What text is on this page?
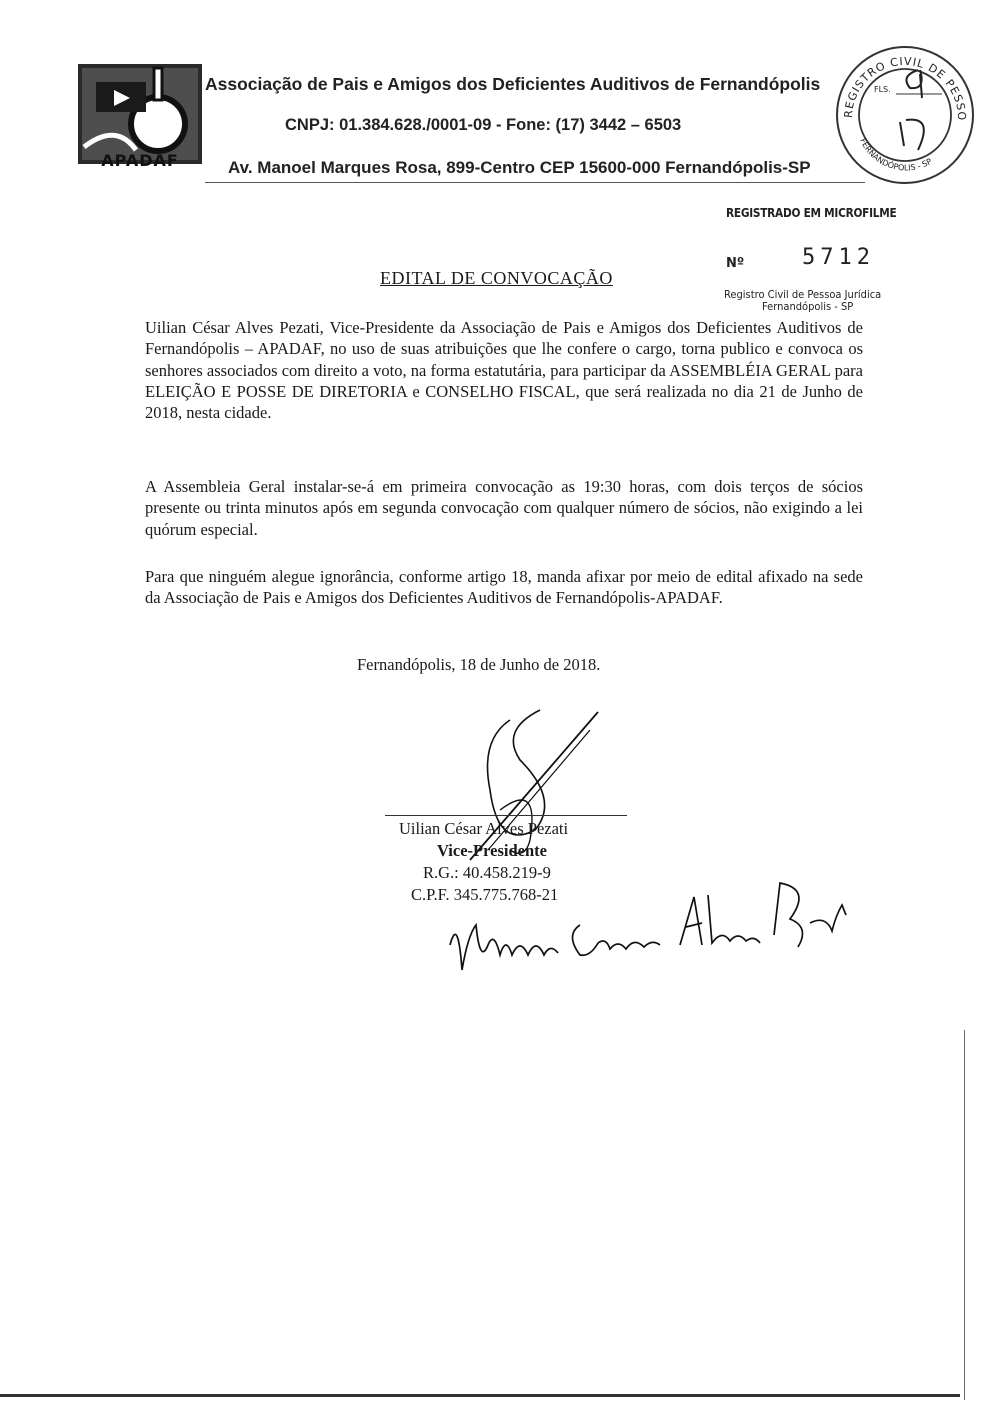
APADAF
Associação de Pais e Amigos dos Deficientes Auditivos de Fernandópolis
CNPJ: 01.384.628./0001-09 - Fone: (17) 3442 – 6503
Av. Manoel Marques Rosa, 899-Centro CEP 15600-000 Fernandópolis-SP
REGISTRO CIVIL DE PESSO
FERNANDÓPOLIS - SP
FLS.
REGISTRADO EM MICROFILME
Nº	5712
Registro Civil de Pessoa Jurídica
Fernandópolis - SP
EDITAL DE CONVOCAÇÃO
Uilian César Alves Pezati, Vice-Presidente da Associação de Pais e Amigos dos Deficientes Auditivos de Fernandópolis – APADAF, no uso de suas atribuições que lhe confere o cargo, torna publico e convoca os senhores associados com direito a voto, na forma estatutária, para participar da ASSEMBLÉIA GERAL para ELEIÇÃO E POSSE DE DIRETORIA e CONSELHO FISCAL, que será realizada no dia 21 de Junho de 2018, nesta cidade.
A Assembleia Geral instalar-se-á em primeira convocação as 19:30 horas, com dois terços de sócios presente ou trinta minutos após em segunda convocação com qualquer número de sócios, não exigindo a lei quórum especial.
Para que ninguém alegue ignorância, conforme artigo 18, manda afixar por meio de edital afixado na sede da Associação de Pais e Amigos dos Deficientes Auditivos de Fernandópolis-APADAF.
Fernandópolis, 18 de Junho de 2018.
Uilian César Alves Pezati
Vice-Presidente
R.G.: 40.458.219-9
C.P.F. 345.775.768-21
